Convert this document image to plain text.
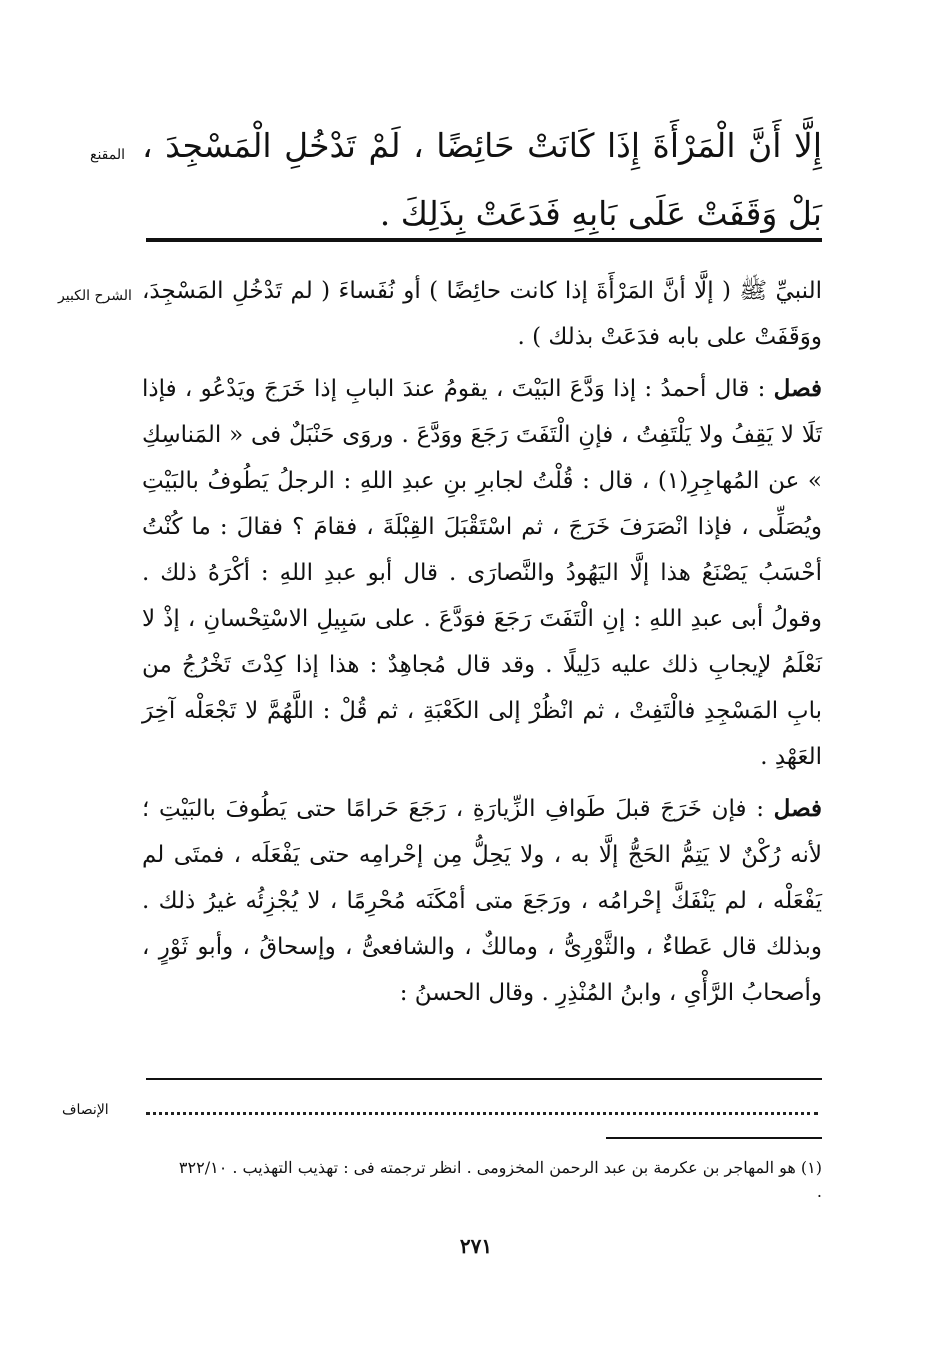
المقنع
الشرح الكبير
الإنصاف
إِلَّا أَنَّ الْمَرْأَةَ إِذَا كَانَتْ حَائِضًا ، لَمْ تَدْخُلِ الْمَسْجِدَ ، بَلْ وَقَفَتْ عَلَى بَابِهِ فَدَعَتْ بِذَلِكَ .

النبيِّ ﷺ ( إلَّا أنَّ المَرْأَةَ إذا كانت حائِضًا ) أو نُفَساءَ ( لم تَدْخُلِ المَسْجِدَ، ووَقَفَتْ على بابه فدَعَتْ بذلك ) .

فصل : قال أحمدُ : إذا وَدَّعَ البَيْتَ ، يقومُ عندَ البابِ إذا خَرَجَ ويَدْعُو ، فإذا تَلَا لا يَقِفُ ولا يَلْتَفِتُ ، فإنِ الْتَفَتَ رَجَعَ ووَدَّعَ . وروَى حَنْبَلٌ فى « المَناسِكِ » عن المُهاجِرِ(١) ، قال : قُلْتُ لجابرِ بنِ عبدِ اللهِ : الرجلُ يَطُوفُ بالبَيْتِ ويُصَلِّى ، فإذا انْصَرَفَ خَرَجَ ، ثم اسْتَقْبَلَ القِبْلَةَ ، فقامَ ؟ فقالَ : ما كُنْتُ أحْسَبُ يَصْنَعُ هذا إلَّا اليَهُودُ والنَّصارَى . قال أبو عبدِ اللهِ : أكْرَهُ ذلك . وقولُ أبى عبدِ اللهِ : إنِ الْتَفَتَ رَجَعَ فوَدَّعَ . على سَبِيلِ الاسْتِحْسانِ ، إذْ لا نَعْلَمُ لإيجابِ ذلك عليه دَلِيلًا . وقد قال مُجاهِدٌ : هذا إذا كِدْتَ تَخْرُجُ من بابِ المَسْجِدِ فالْتَفِتْ ، ثم انْظُرْ إلى الكَعْبَةِ ، ثم قُلْ : اللَّهُمَّ لا تَجْعَلْه آخِرَ العَهْدِ .

فصل : فإن خَرَجَ قبلَ طَوافِ الزِّيارَةِ ، رَجَعَ حَرامًا حتى يَطُوفَ بالبَيْتِ ؛ لأنه رُكْنٌ لا يَتِمُّ الحَجُّ إلَّا به ، ولا يَحِلُّ مِن إحْرامِه حتى يَفْعَلَه ، فمتَى لم يَفْعَلْه ، لم يَنْفَكَّ إحْرامُه ، ورَجَعَ متى أمْكَنَه مُحْرِمًا ، لا يُجْزِئُه غيرُ ذلك . وبذلك قال عَطاءٌ ، والثَّوْرِىُّ ، ومالكٌ ، والشافعىُّ ، وإسحاقُ ، وأبو ثَوْرٍ ، وأصحابُ الرَّأْىِ ، وابنُ المُنْذِرِ . وقال الحسنُ :

(١) هو المهاجر بن عكرمة بن عبد الرحمن المخزومى . انظر ترجمته فى : تهذيب التهذيب . ٣٢٢/١٠ .
٢٧١
